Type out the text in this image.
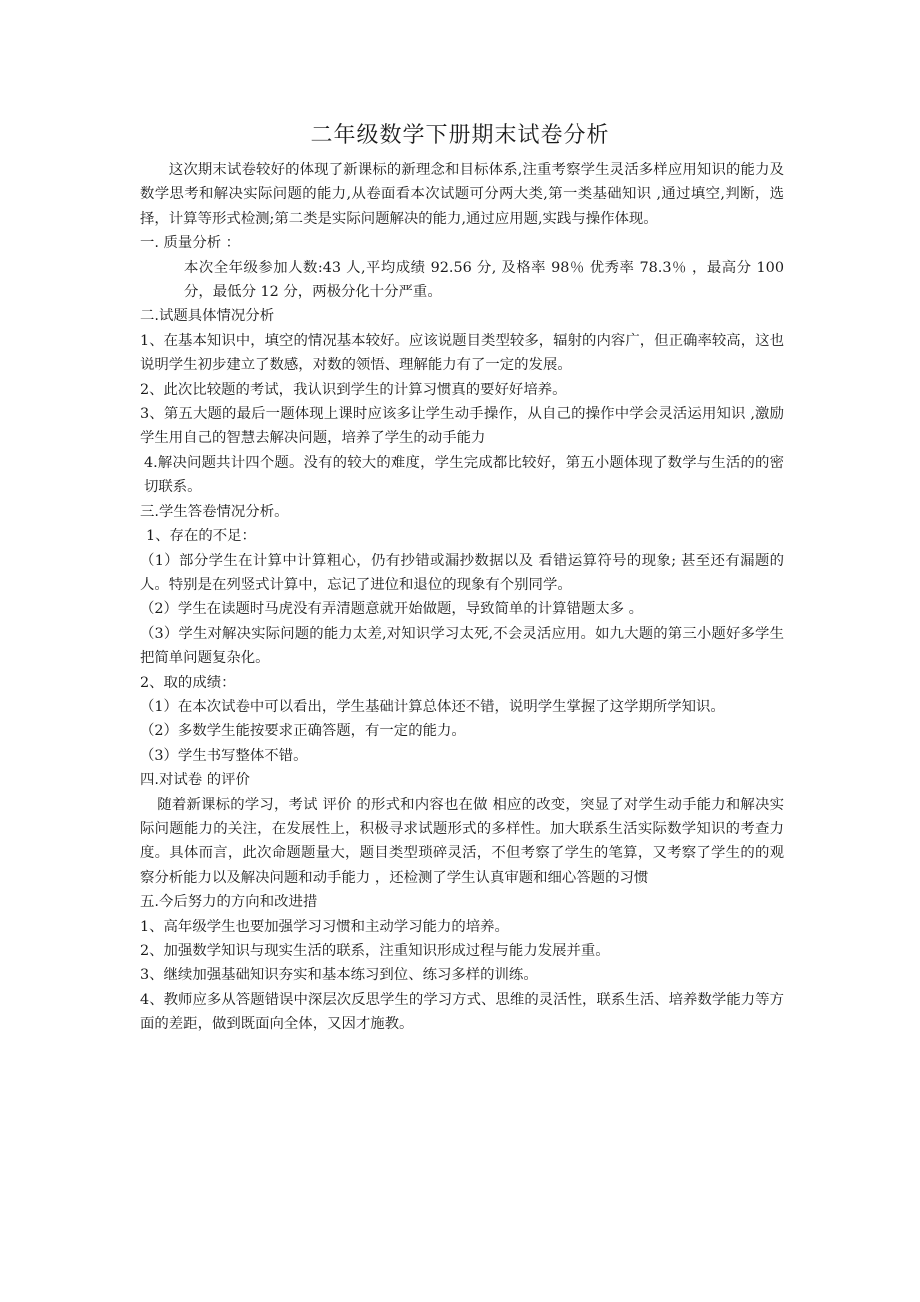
二年级数学下册期末试卷分析

这次期末试卷较好的体现了新课标的新理念和目标体系,注重考察学生灵活多样应用知识的能力及数学思考和解决实际问题的能力,从卷面看本次试题可分两大类,第一类基础知识 ,通过填空,判断，选择，计算等形式检测;第二类是实际问题解决的能力,通过应用题,实践与操作体现。

一. 质量分析 ：

本次全年级参加人数:43 人,平均成绩 92.56 分, 及格率 98％ 优秀率 78.3％ ，最高分 100 分，最低分 12 分，两极分化十分严重。

二.试题具体情况分析

1、在基本知识中，填空的情况基本较好。应该说题目类型较多，辐射的内容广，但正确率较高，这也说明学生初步建立了数感，对数的领悟、理解能力有了一定的发展。

2、此次比较题的考试，我认识到学生的计算习惯真的要好好培养。

3、第五大题的最后一题体现上课时应该多让学生动手操作，从自己的操作中学会灵活运用知识 ,激励学生用自己的智慧去解决问题，培养了学生的动手能力

4.解决问题共计四个题。没有的较大的难度，学生完成都比较好，第五小题体现了数学与生活的的密切联系。

三.学生答卷情况分析。

1、存在的不足：

（1）部分学生在计算中计算粗心，仍有抄错或漏抄数据以及 看错运算符号的现象; 甚至还有漏题的人。特别是在列竖式计算中，忘记了进位和退位的现象有个别同学。

（2）学生在读题时马虎没有弄清题意就开始做题，导致简单的计算错题太多 。

（3）学生对解决实际问题的能力太差,对知识学习太死,不会灵活应用。如九大题的第三小题好多学生把简单问题复杂化。

2、取的成绩：

（1）在本次试卷中可以看出，学生基础计算总体还不错，说明学生掌握了这学期所学知识。

（2）多数学生能按要求正确答题，有一定的能力。

（3）学生书写整体不错。

四.对试卷 的评价

随着新课标的学习，考试 评价 的形式和内容也在做 相应的改变，突显了对学生动手能力和解决实际问题能力的关注，在发展性上，积极寻求试题形式的多样性。加大联系生活实际数学知识的考查力度。具体而言，此次命题题量大，题目类型琐碎灵活，不但考察了学生的笔算，又考察了学生的的观察分析能力以及解决问题和动手能力 ，还检测了学生认真审题和细心答题的习惯

五.今后努力的方向和改进措

1、高年级学生也要加强学习习惯和主动学习能力的培养。

2、加强数学知识与现实生活的联系，注重知识形成过程与能力发展并重。

3、继续加强基础知识夯实和基本练习到位、练习多样的训练。

4、教师应多从答题错误中深层次反思学生的学习方式、思维的灵活性，联系生活、培养数学能力等方面的差距，做到既面向全体，又因才施教。
